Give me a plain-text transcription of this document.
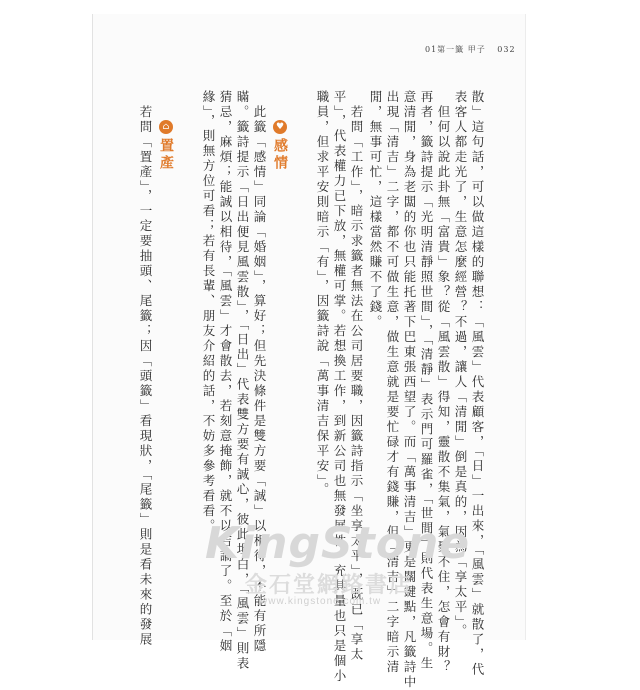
01第一籤 甲子 032
散」這句話，可以做這樣的聯想：「風雲」代表顧客，「日」一出來，「風雲」就散了，代
表客人都走光了，生意怎麼經營？不過，讓人「清閒」倒是真的，因為「享太平」。
　但何以說此卦無「富貴」象？從「風雲散」得知，靈散不集氣，氣聚不住，怎會有財？
再者，籤詩提示「光明清靜照世間」，「清靜」表示門可羅雀，「世間」則代表生意場。生
意清閒，身為老闆的你也只能托著下巴東張西望了。而「萬事清吉」更是關鍵點，凡籤詩中
出現「清吉」二字，都不可做生意，做生意就是要忙碌才有錢賺，但「清吉」二字暗示清
閒，無事可忙，這樣當然賺不了錢。
　若問「工作」，暗示求籤者無法在公司居要職，因籤詩指示「坐享太平」，既已「享太
平」，代表權力已下放，無權可掌。若想換工作，到新公司也無發展性，充其量也只是個小
職員，但求平安則暗示「有」，因籤詩說「萬事清吉保平安」。
♥
感情
　此籤「感情」同論「婚姻」，算好；但先決條件是雙方要「誠」以相待，不能有所隱
瞞。籤詩提示「日出便見風雲散」，「日出」代表雙方要有誠心，彼此坦白，「風雲」則表
猜忌，麻煩；能誠以相待，「風雲」才會散去，若刻意掩飾，就不以吉論了。至於「姻
緣」，則無方位可看；若有長輩、朋友介紹的話，不妨多參考看看。
⌂
置產
　若問「置產」，一定要抽頭、尾籤；因「頭籤」看現狀，「尾籤」則是看未來的發展 KingStone
金石堂網路書店
www.kingstone.com.tw
